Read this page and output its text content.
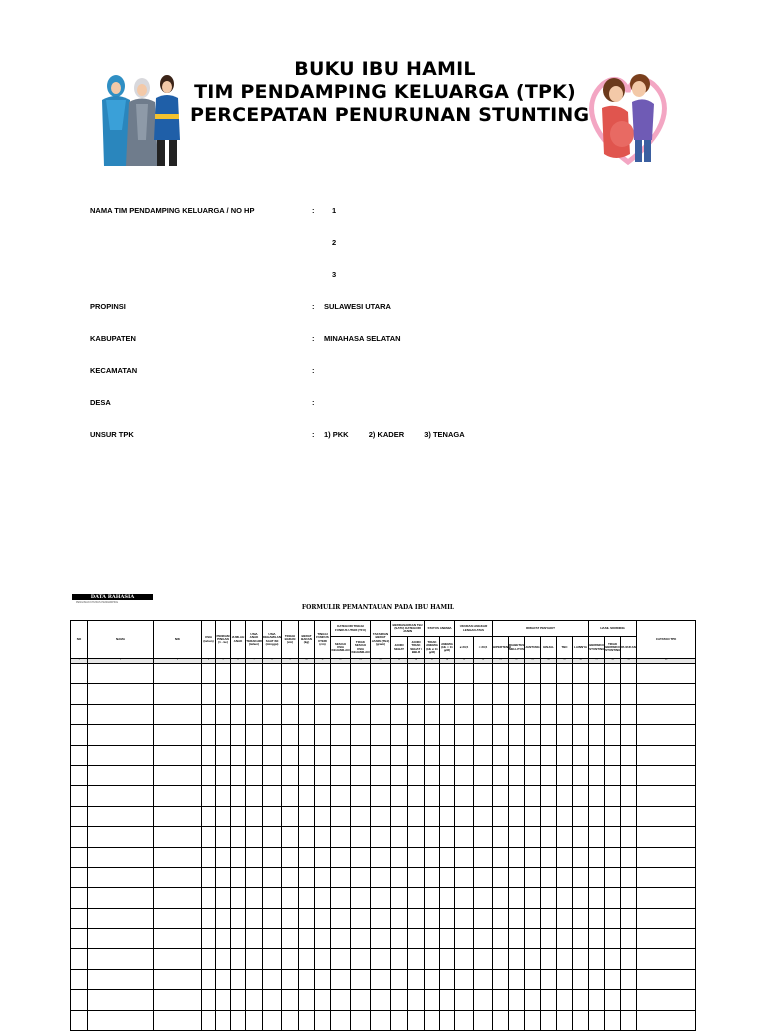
BUKU IBU HAMIL
TIM PENDAMPING KELUARGA (TPK)
PERCEPATAN PENURUNAN STUNTING
NAMA TIM PENDAMPING KELUARGA / NO HP	: 1
2
3
PROPINSI	: SULAWESI UTARA
KABUPATEN	: MINAHASA SELATAN
KECAMATAN	:
DESA	:
UNSUR TPK	: 1) PKK	2) KADER	3) TENAGA
DATA RAHASIA
PENGISIAN KHUSUS PENDAMPING
FORMULIR PEMANTAUAN PADA IBU HAMIL
NO	NAMA	NIK	USIA (tahun)	PENDAM PINGAN (1 - ke)	JUMLAH ANAK	USIA ANAK TERAKHIR (tahun)	USIA KEHAMILAN SAAT INI (minggu)	TINGGI BADAN (cm)	BERAT BADAN (kg)	TINGGI FUNDUS UTERI (cm)	KATEGORI TINGGI FUNDUS UTERI (TFU)		TAKSIRAN BERAT JANIN (TBJ) (gram)	BERDASARKAN TBJ (SATU) KATEGORI JANIN		STATUS ANEMIA		UKURAN LINGKAR LENGAN ATAS		RIWAYAT PENYAKIT						HASIL SKRINING			CATATAN TPK
											SESUAI USIA KEHAMILAN	TIDAK SESUAI USIA KEHAMILAN		JANIN SEHAT	JANIN TIDAK SEHAT / BBLR	TIDAK ANEMIA (Hb ≥ 11 g/dl)	ANEMIA (Hb < 11 g/dl)	≥ 23,5	< 23,5	HIPERTENSI	DIABETES MELLITUS	JANTUNG	GINJAL	TBC	LAINNYA	BERISIKO STUNTING	TIDAK BERISIKO STUNTING	RUJUKAN	
1	2	3	4	5	6	7	8	9	10	11	12	13	14	15	16	17	18	19	20	21	22	23	24	25	26	27	28	29	30
